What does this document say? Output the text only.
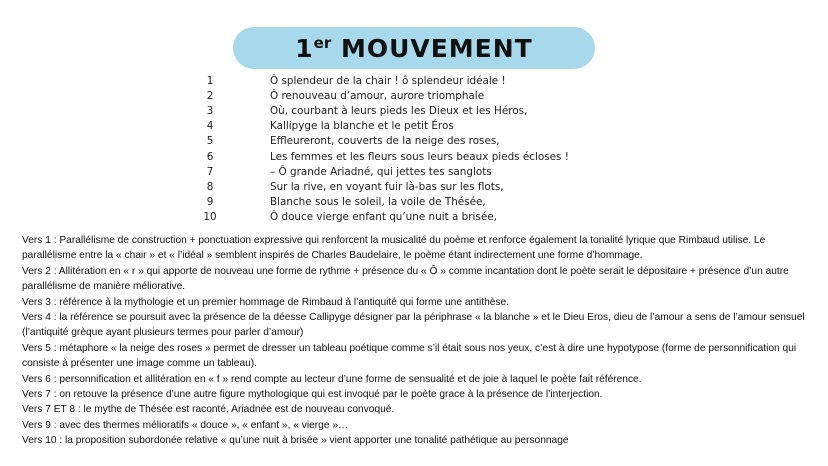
1er MOUVEMENT
1	Ô splendeur de la chair ! ô splendeur idéale !
2	Ô renouveau d’amour, aurore triomphale
3	Où, courbant à leurs pieds les Dieux et les Héros,
4	Kallipyge la blanche et le petit Éros
5	Effleureront, couverts de la neige des roses,
6	Les femmes et les fleurs sous leurs beaux pieds écloses !
7	– Ô grande Ariadné, qui jettes tes sanglots
8	Sur la rive, en voyant fuir là-bas sur les flots,
9	Blanche sous le soleil, la voile de Thésée,
10	Ô douce vierge enfant qu’une nuit a brisée,
Vers 1 : Parallélisme de construction + ponctuation expressive qui renforcent la musicalité du poème et renforce également la tonalité lyrique que Rimbaud utilise. Le parallélisme entre la « chair » et « l’idéal » semblent inspirés de Charles Baudelaire, le poème étant indirectement une forme d’hommage.
Vers 2 : Allitération en « r » qui apporte de nouveau une forme de rythme + présence du « Ô » comme incantation dont le poète serait le dépositaire + présence d’un autre parallélisme de manière méliorative.
Vers 3 : référence à la mythologie et un premier hommage de Rimbaud à l’antiquité qui forme une antithèse.
Vers 4 : la référence se poursuit avec la présence de la déesse Callipyge désigner par la périphrase « la blanche » et le Dieu Eros, dieu de l’amour a sens de l’amour sensuel (l’antiquité grèque ayant plusieurs termes pour parler d’amour)
Vers 5 : métaphore « la neige des roses » permet de dresser un tableau poétique comme s’il était sous nos yeux, c’est à dire une hypotypose (forme de personnification qui consiste à présenter une image comme un tableau).
Vers 6 : personnification et allitération en « f » rend compte au lecteur d’une forme de sensualité et de joie à laquel le poète fait référence.
Vers 7 : on retouve la présence d’une autre figure mythologique qui est invoqué par le poète grace à la présence de l’interjection.
Vers 7 ET 8 : le mythe de Thésée est raconté, Ariadnée est de nouveau convoqué.
Vers 9 : avec des thermes mélioratifs « douce », « enfant », « vierge »…
Vers 10 : la proposition subordonée relative « qu’une nuit à brisée » vient apporter une tonalité pathétique au personnage
